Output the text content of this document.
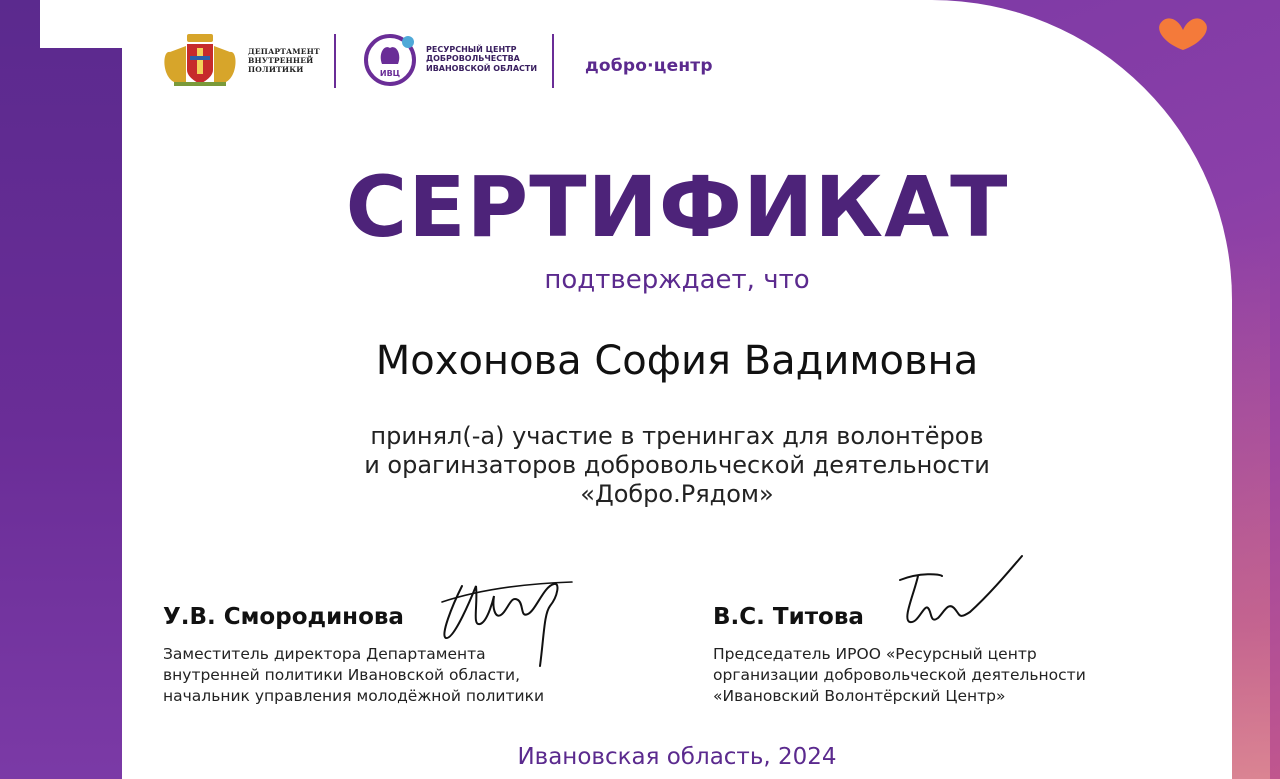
ДЕПАРТАМЕНТ
ВНУТРЕННЕЙ
ПОЛИТИКИ	ИВЦ
РЕСУРСНЫЙ ЦЕНТР
ДОБРОВОЛЬЧЕСТВА
ИВАНОВСКОЙ ОБЛАСТИ	добро·центр
СЕРТИФИКАТ
подтверждает, что
Мохонова София Вадимовна
принял(-а) участие в тренингах для волонтёров
и орагинзаторов добровольческой деятельности
«Добро.Рядом»
У.В. Смородинова
Заместитель директора Департамента
внутренней политики Ивановской области,
начальник управления молодёжной политики
В.С. Титова
Председатель ИРОО «Ресурсный центр
организации добровольческой деятельности
«Ивановский Волонтёрский Центр»
Ивановская область, 2024
